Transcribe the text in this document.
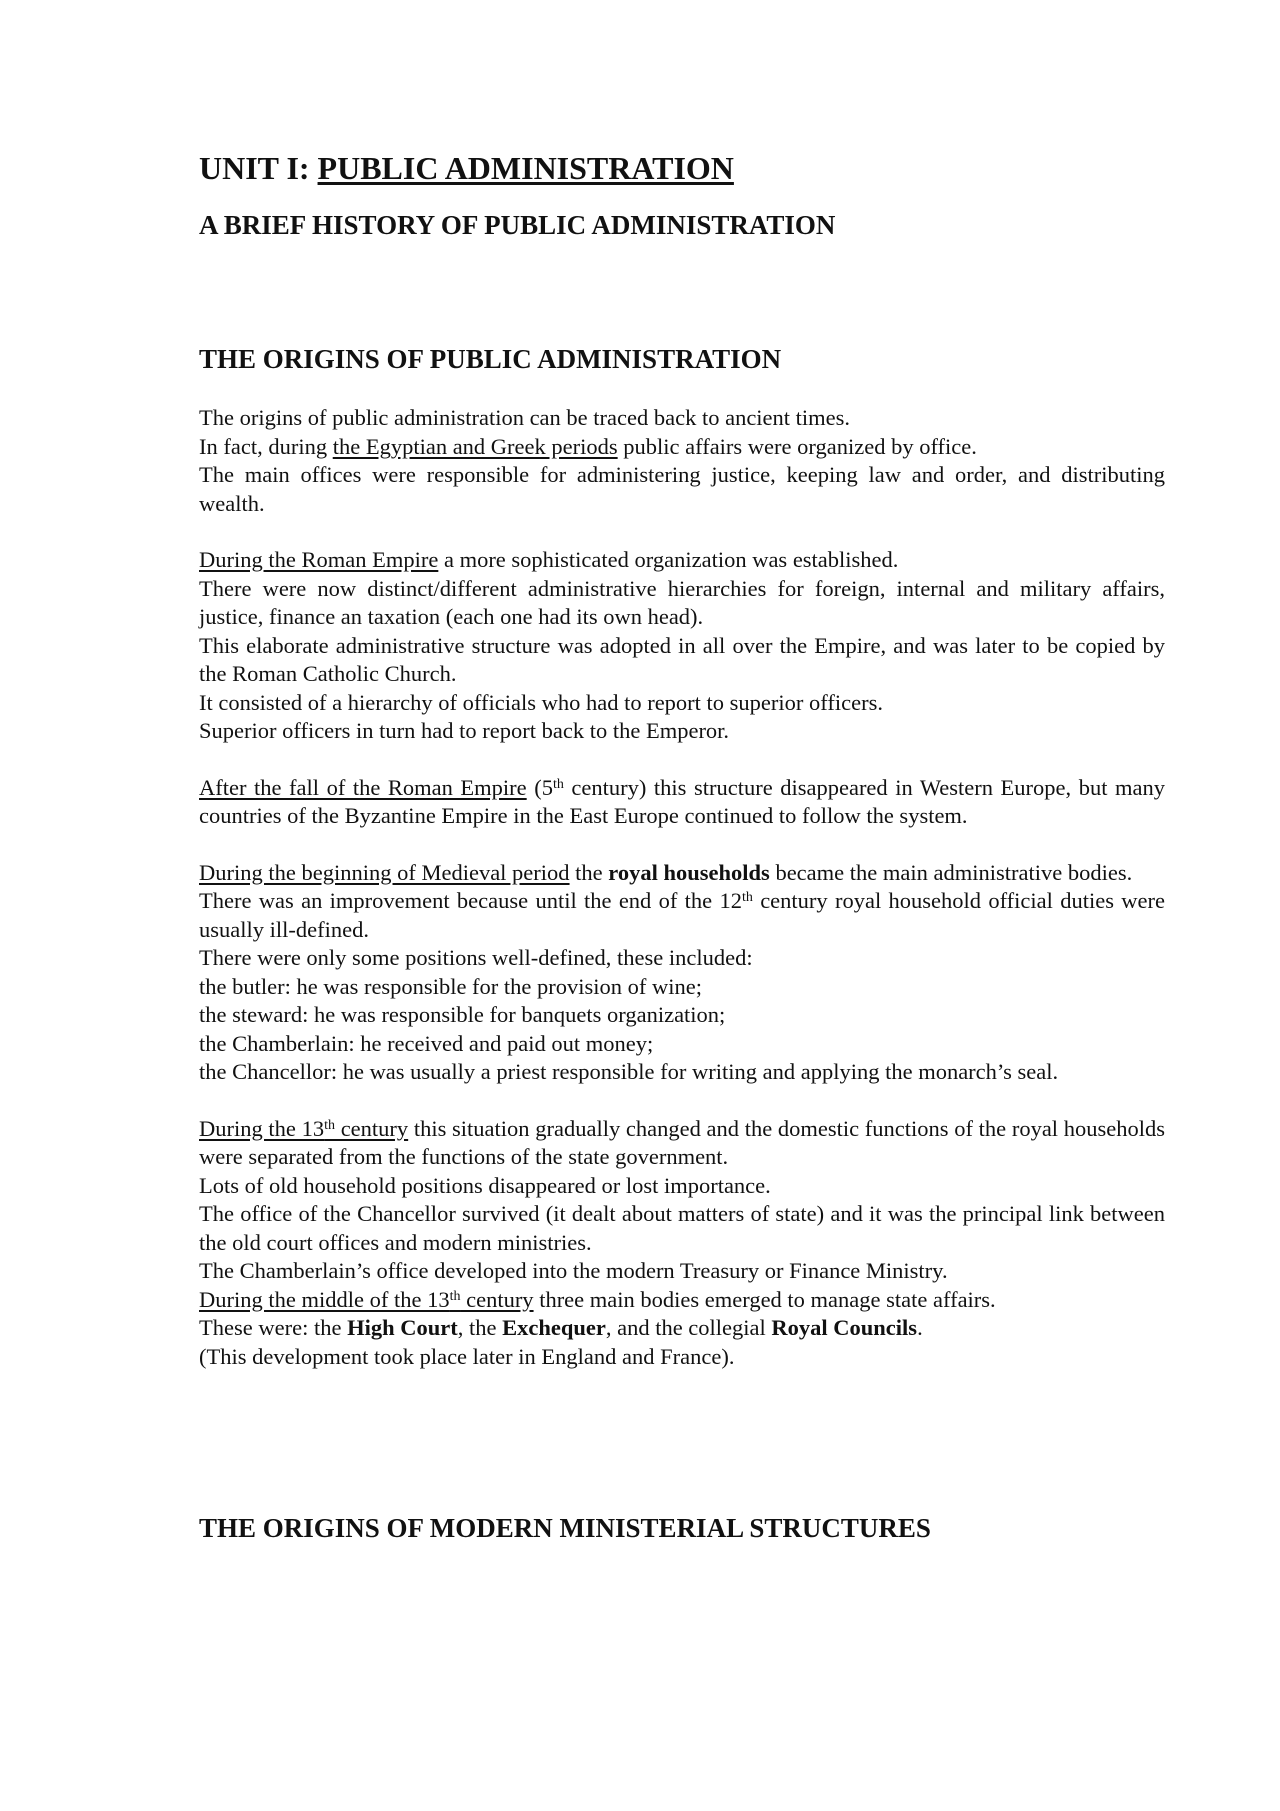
UNIT I: PUBLIC ADMINISTRATION
A BRIEF HISTORY OF PUBLIC ADMINISTRATION
THE ORIGINS OF PUBLIC ADMINISTRATION

The origins of public administration can be traced back to ancient times.

In fact, during the Egyptian and Greek periods public affairs were organized by office.

The main offices were responsible for administering justice, keeping law and order, and distributing wealth.

During the Roman Empire a more sophisticated organization was established.

There were now distinct/different administrative hierarchies for foreign, internal and military affairs, justice, finance an taxation (each one had its own head).

This elaborate administrative structure was adopted in all over the Empire, and was later to be copied by the Roman Catholic Church.

It consisted of a hierarchy of officials who had to report to superior officers.

Superior officers in turn had to report back to the Emperor.

After the fall of the Roman Empire (5th century) this structure disappeared in Western Europe, but many countries of the Byzantine Empire in the East Europe continued to follow the system.

During the beginning of Medieval period the royal households became the main administrative bodies.

There was an improvement because until the end of the 12th century royal household official duties were usually ill-defined.

There were only some positions well-defined, these included:

the butler: he was responsible for the provision of wine;

the steward: he was responsible for banquets organization;

the Chamberlain: he received and paid out money;

the Chancellor: he was usually a priest responsible for writing and applying the monarch’s seal.

During the 13th century this situation gradually changed and the domestic functions of the royal households were separated from the functions of the state government.

Lots of old household positions disappeared or lost importance.

The office of the Chancellor survived (it dealt about matters of state) and it was the principal link between the old court offices and modern ministries.

The Chamberlain’s office developed into the modern Treasury or Finance Ministry.

During the middle of the 13th century three main bodies emerged to manage state affairs.

These were: the High Court, the Exchequer, and the collegial Royal Councils.

(This development took place later in England and France).

THE ORIGINS OF MODERN MINISTERIAL STRUCTURES
